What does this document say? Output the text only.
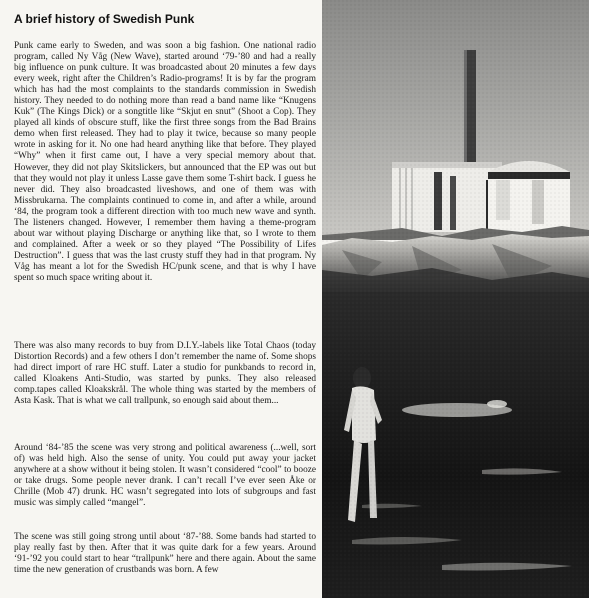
A brief history of Swedish Punk

Punk came early to Sweden, and was soon a big fashion. One national radio program, called Ny Våg (New Wave), started around ‘79-’80 and had a really big influence on punk culture. It was broadcasted about 20 minutes a few days every week, right after the Children’s Radio-programs! It is by far the program which has had the most complaints to the standards commission in Swedish history. They needed to do nothing more than read a band name like “Knugens Kuk” (The Kings Dick) or a songtitle like “Skjut en snut” (Shoot a Cop). They played all kinds of obscure stuff, like the first three songs from the Bad Brains demo when first released. They had to play it twice, because so many people wrote in asking for it. No one had heard anything like that before. They played “Why” when it first came out, I have a very special memory about that. However, they did not play Skitslickers, but announced that the EP was out but that they would not play it unless Lasse gave them some T-shirt back. I guess he never did. They also broadcasted liveshows, and one of them was with Missbrukarna. The complaints continued to come in, and after a while, around ‘84, the program took a different direction with too much new wave and synth. The listeners changed. However, I remember them having a theme-program about war without playing Discharge or anything like that, so I wrote to them and complained. After a week or so they played “The Possibility of Lifes Destruction”. I guess that was the last crusty stuff they had in that program. Ny Våg has meant a lot for the Swedish HC/punk scene, and that is why I have spent so much space writing about it.

There was also many records to buy from D.I.Y.-labels like Total Chaos (today Distortion Records) and a few others I don’t remember the name of. Some shops had direct import of rare HC stuff. Later a studio for punkbands to record in, called Kloakens Anti-Studio, was started by punks. They also released comp.tapes called Kloakskrål. The whole thing was started by the members of Asta Kask. That is what we call trallpunk, so enough said about them...

Around ‘84-’85 the scene was very strong and political awareness (...well, sort of) was held high. Also the sense of unity. You could put away your jacket anywhere at a show without it being stolen. It wasn’t considered “cool” to booze or take drugs. Some people never drank. I can’t recall I’ve ever seen Åke or Chrille (Mob 47) drunk. HC wasn’t segregated into lots of subgroups and fast music was simply called “mangel”.

The scene was still going strong until about ‘87-’88. Some bands had started to play really fast by then. After that it was quite dark for a few years. Around ‘91-’92 you could start to hear “trallpunk” here and there again. About the same time the new generation of crustbands was born. A few
